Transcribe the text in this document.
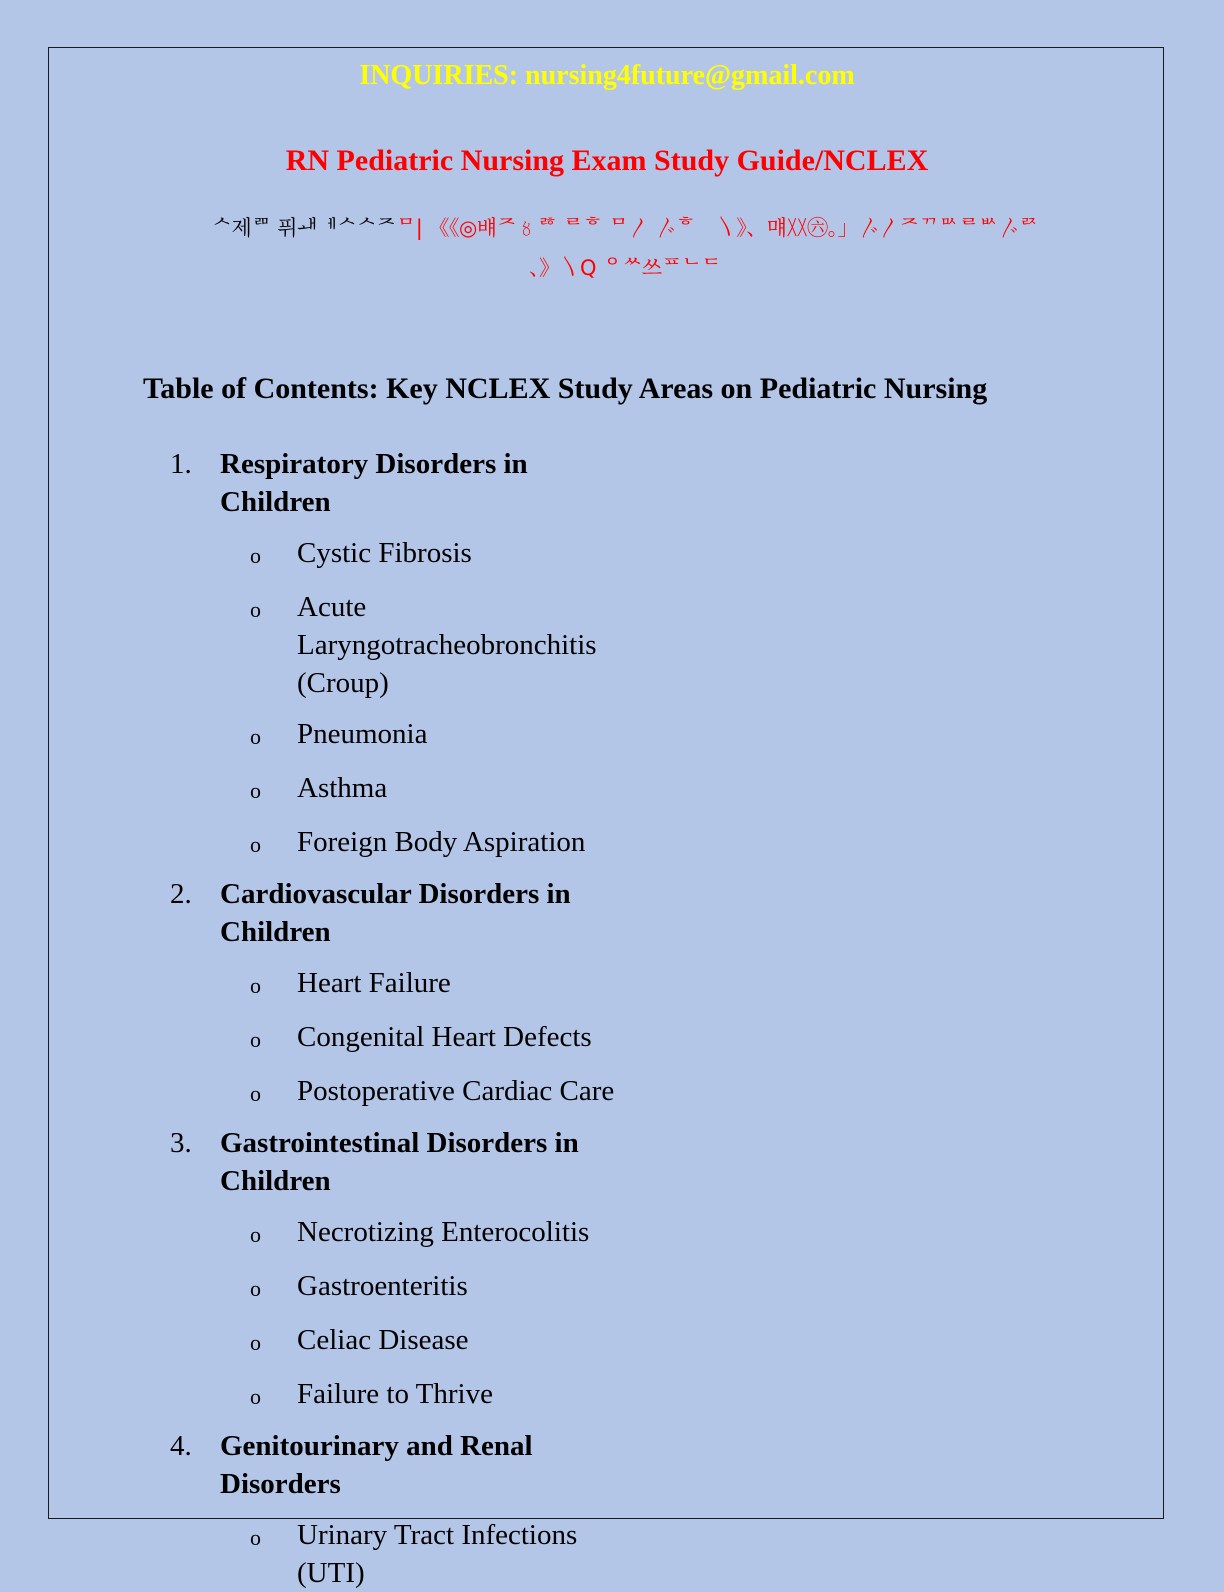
INQUIRIES: nursing4future@gmail.com
RN Pediatric Nursing Exam Study Guide/NCLEX
ᄉ제ᄅᄆ 퓌ᅫᅦᄉᄉᄌᄆ| 《《◎뱨ᄌ〥ᄚ ᄅᄒ ᄆ〳 〴ᄒ　〵》、먜〷㊅。」〴〳ᄌᄁᄆᄉᄅᄡ〴ᄅᄌ
、》〵Q ᄋᄊ쓰ᄑᄂᄃ
Table of Contents: Key NCLEX Study Areas on Pediatric Nursing
1. Respiratory Disorders in Children
o	Cystic Fibrosis
o	Acute Laryngotracheobronchitis (Croup)
o	Pneumonia
o	Asthma
o	Foreign Body Aspiration
2. Cardiovascular Disorders in Children
o	Heart Failure
o	Congenital Heart Defects
o	Postoperative Cardiac Care
3. Gastrointestinal Disorders in Children
o	Necrotizing Enterocolitis
o	Gastroenteritis
o	Celiac Disease
o	Failure to Thrive
4. Genitourinary and Renal Disorders
o	Urinary Tract Infections (UTI)
